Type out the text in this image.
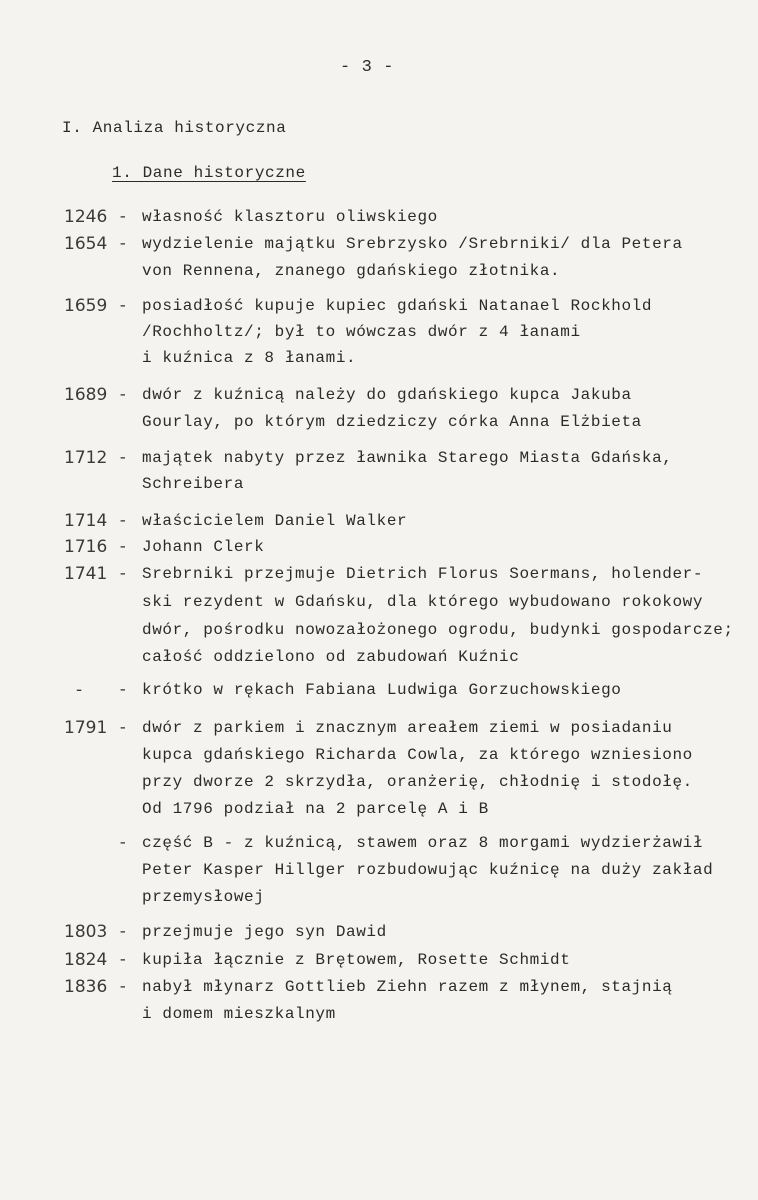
- 3 -
I. Analiza historyczna
1. Dane historyczne
1246 - własność klasztoru oliwskiego
1654 - wydzielenie majątku Srebrzysko /Srebrniki/ dla Petera
von Rennena, znanego gdańskiego złotnika.
1659 - posiadłość kupuje kupiec gdański Natanael Rockhold
/Rochholtz/; był to wówczas dwór z 4 łanami
i kuźnica z 8 łanami.
1689 - dwór z kuźnicą należy do gdańskiego kupca Jakuba
Gourlay, po którym dziedziczy córka Anna Elżbieta
1712 - majątek nabyty przez ławnika Starego Miasta Gdańska,
Schreibera
1714 - właścicielem Daniel Walker
1716 - Johann Clerk
1741 - Srebrniki przejmuje Dietrich Florus Soermans, holender-
ski rezydent w Gdańsku, dla którego wybudowano rokokowy
dwór, pośrodku nowozałożonego ogrodu, budynki gospodarcze;
całość oddzielono od zabudowań Kuźnic
- - krótko w rękach Fabiana Ludwiga Gorzuchowskiego
1791 - dwór z parkiem i znacznym areałem ziemi w posiadaniu
kupca gdańskiego Richarda Cowla, za którego wzniesiono
przy dworze 2 skrzydła, oranżerię, chłodnię i stodołę.
Od 1796 podział na 2 parcelę A i B
- część B - z kuźnicą, stawem oraz 8 morgami wydzierżawił
Peter Kasper Hillger rozbudowując kuźnicę na duży zakład
przemysłowej
1803 - przejmuje jego syn Dawid
1824 - kupiła łącznie z Brętowem, Rosette Schmidt
1836 - nabył młynarz Gottlieb Ziehn razem z młynem, stajnią
i domem mieszkalnym
